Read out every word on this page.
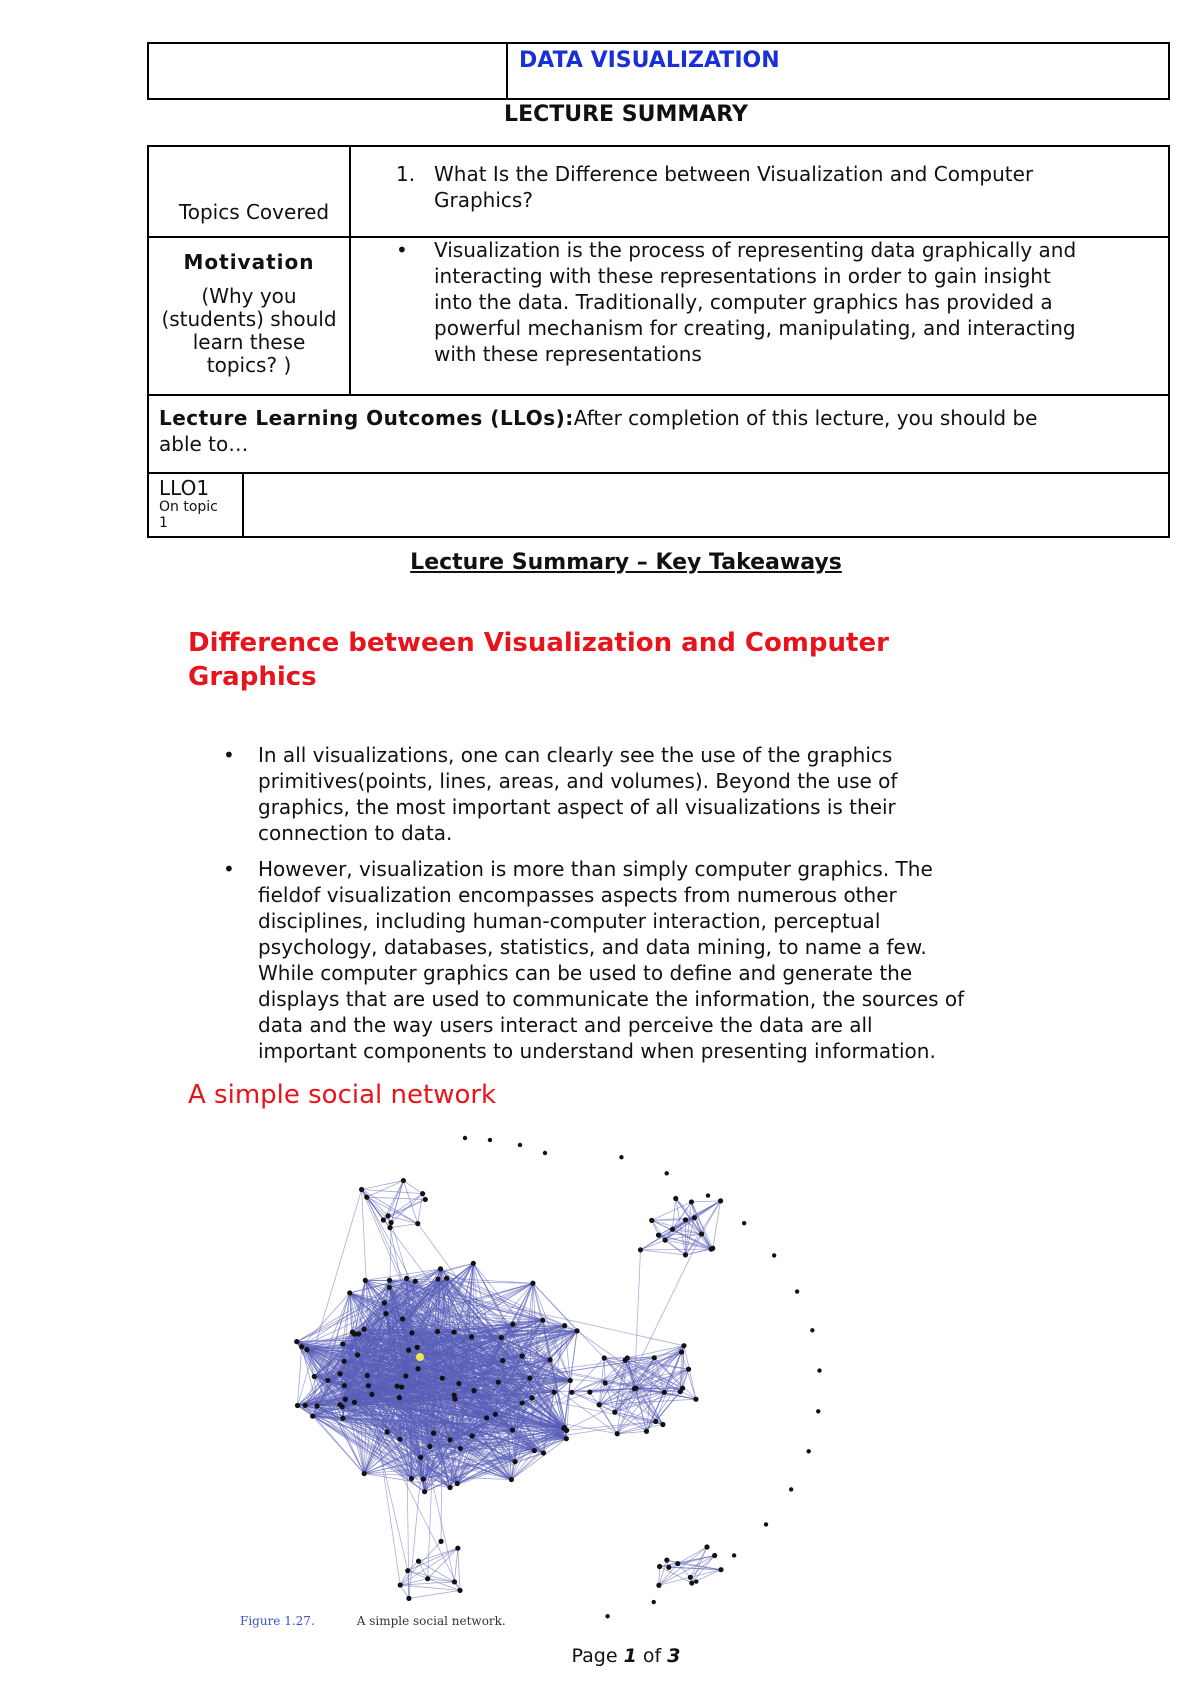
DATA VISUALIZATION
LECTURE SUMMARY
Topics Covered
1. What Is the Difference between Visualization and Computer
Graphics?
Motivation
(Why you
(students) should
learn these
topics? )
• Visualization is the process of representing data graphically and
interacting with these representations in order to gain insight
into the data. Traditionally, computer graphics has provided a
powerful mechanism for creating, manipulating, and interacting
with these representations
Lecture Learning Outcomes (LLOs):After completion of this lecture, you should be
able to…
LLO1
On topic
1
Lecture Summary – Key Takeaways
Difference between Visualization and Computer
Graphics
• In all visualizations, one can clearly see the use of the graphics
primitives(points, lines, areas, and volumes). Beyond the use of
graphics, the most important aspect of all visualizations is their
connection to data.
• However, visualization is more than simply computer graphics. The
fieldof visualization encompasses aspects from numerous other
disciplines, including human-computer interaction, perceptual
psychology, databases, statistics, and data mining, to name a few.
While computer graphics can be used to define and generate the
displays that are used to communicate the information, the sources of
data and the way users interact and perceive the data are all
important components to understand when presenting information.
A simple social network
Figure 1.27.	A simple social network.
Page 1 of 3
